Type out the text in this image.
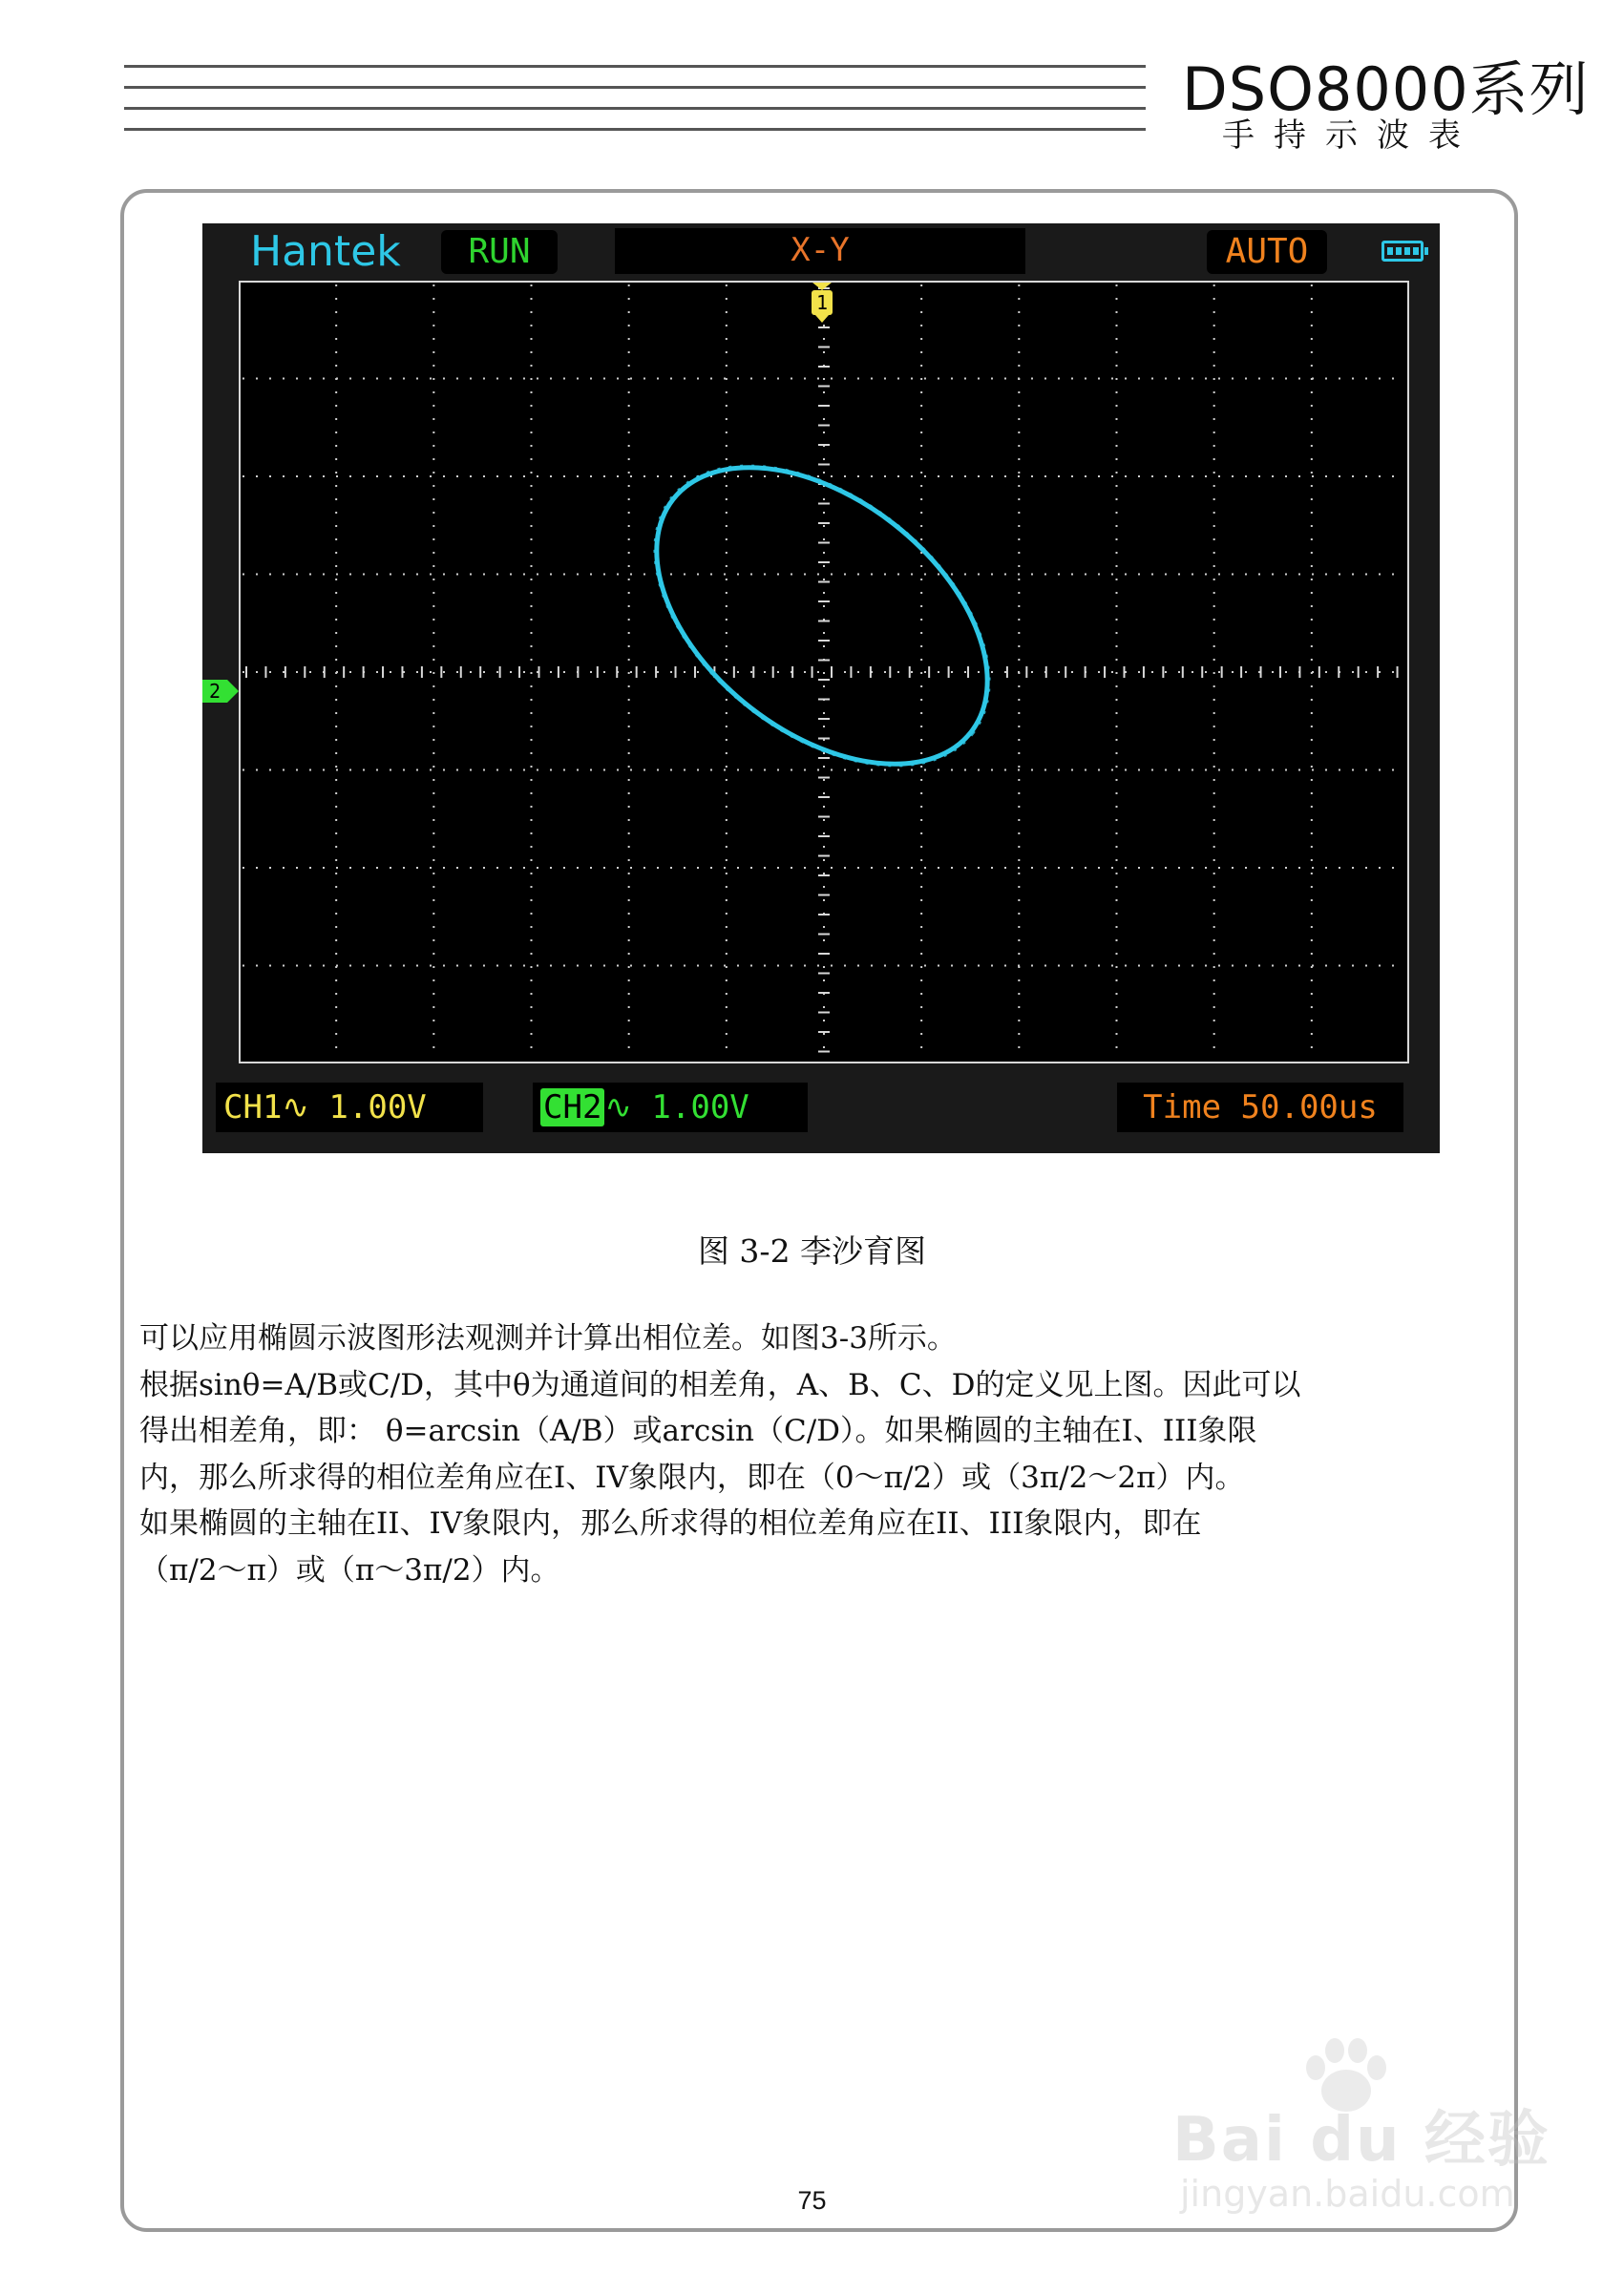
DSO8000系列
手持示波表
Hantek	RUN	X-Y	AUTO
1
2
CH1∿ 1.00V	CH2∿ 1.00V	Time 50.00us
图 3-2 李沙育图

可以应用椭圆示波图形法观测并计算出相位差。如图3-3所示。

根据sinθ=A/B或C/D，其中θ为通道间的相差角，A、B、C、D的定义见上图。因此可以

得出相差角，即： θ=arcsin（A/B）或arcsin（C/D）。如果椭圆的主轴在I、III象限

内，那么所求得的相位差角应在I、IV象限内，即在（0～π/2）或（3π/2～2π）内。

如果椭圆的主轴在II、IV象限内，那么所求得的相位差角应在II、III象限内，即在

（π/2～π）或（π～3π/2）内。

75
Bai du 经验
jingyan.baidu.com
